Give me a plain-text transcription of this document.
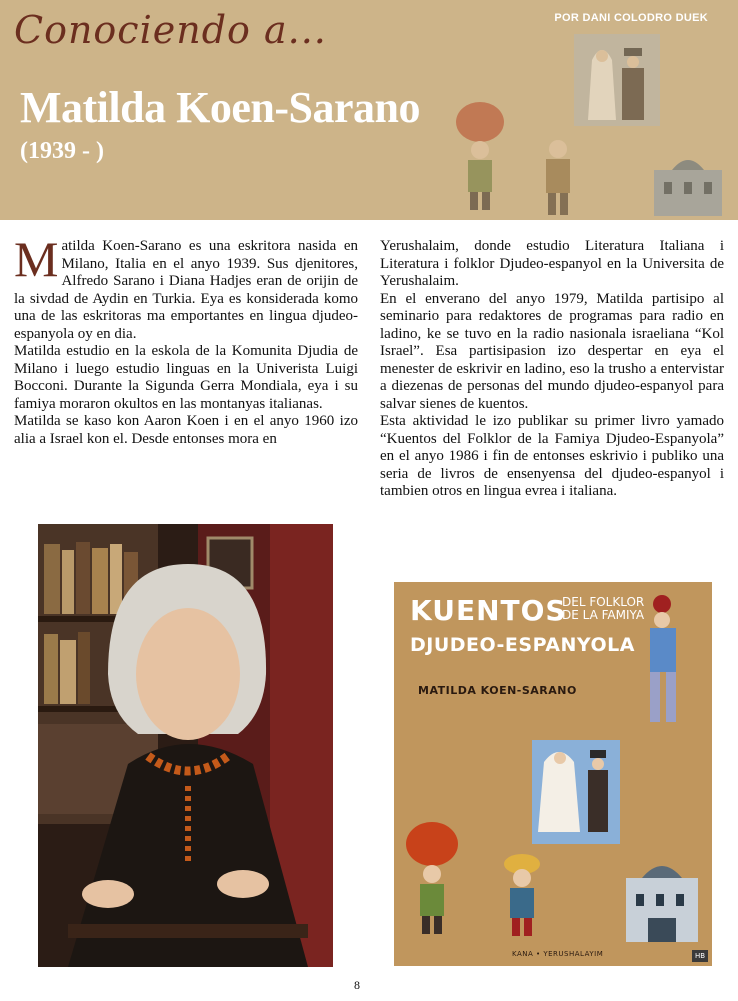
Conociendo a...	POR DANI COLODRO DUEK
Matilda Koen-Sarano
(1939 - )

Matilda Koen-Sarano es una eskritora nasida en Milano, Italia en el anyo 1939. Sus djenitores, Alfredo Sarano i Diana Hadjes eran de orijin de la sivdad de Aydin en Turkia. Eya es konsiderada komo una de las eskritoras ma emportantes en lingua djudeo-espanyola oy en dia.

Matilda estudio en la eskola de la Komunita Djudia de Milano i luego estudio linguas en la Univerista Luigi Bocconi. Durante la Sigunda Gerra Mondiala, eya i su famiya moraron okultos en las montanyas italianas.

Matilda se kaso kon Aaron Koen i en el anyo 1960 izo alia a Israel kon el. Desde entonses mora en

Yerushalaim, donde estudio Literatura Italiana i Literatura i folklor Djudeo-espanyol en la Universita de Yerushalaim.

En el enverano del anyo 1979, Matilda partisipo al seminario para redaktores de programas para radio en ladino, ke se tuvo en la radio nasionala israeliana “Kol Israel”. Esa partisipasion izo despertar en eya el menester de eskrivir en ladino, eso la trusho a entervistar a diezenas de personas del mundo djudeo-espanyol para salvar sienes de kuentos.

Esta aktividad le izo publikar su primer livro yamado “Kuentos del Folklor de la Famiya Djudeo-Espanyola” en el anyo 1986 i fin de entonses eskrivio i publiko una seria de livros de ensenyensa del djudeo-espanyol i tambien otros en lingua evrea i italiana.

KUENTOS
DEL FOLKLOR DE LA FAMIYA
DJUDEO-ESPANYOLA
MATILDA KOEN-SARANO
KANA • YERUSHALAYIM	HB
8
